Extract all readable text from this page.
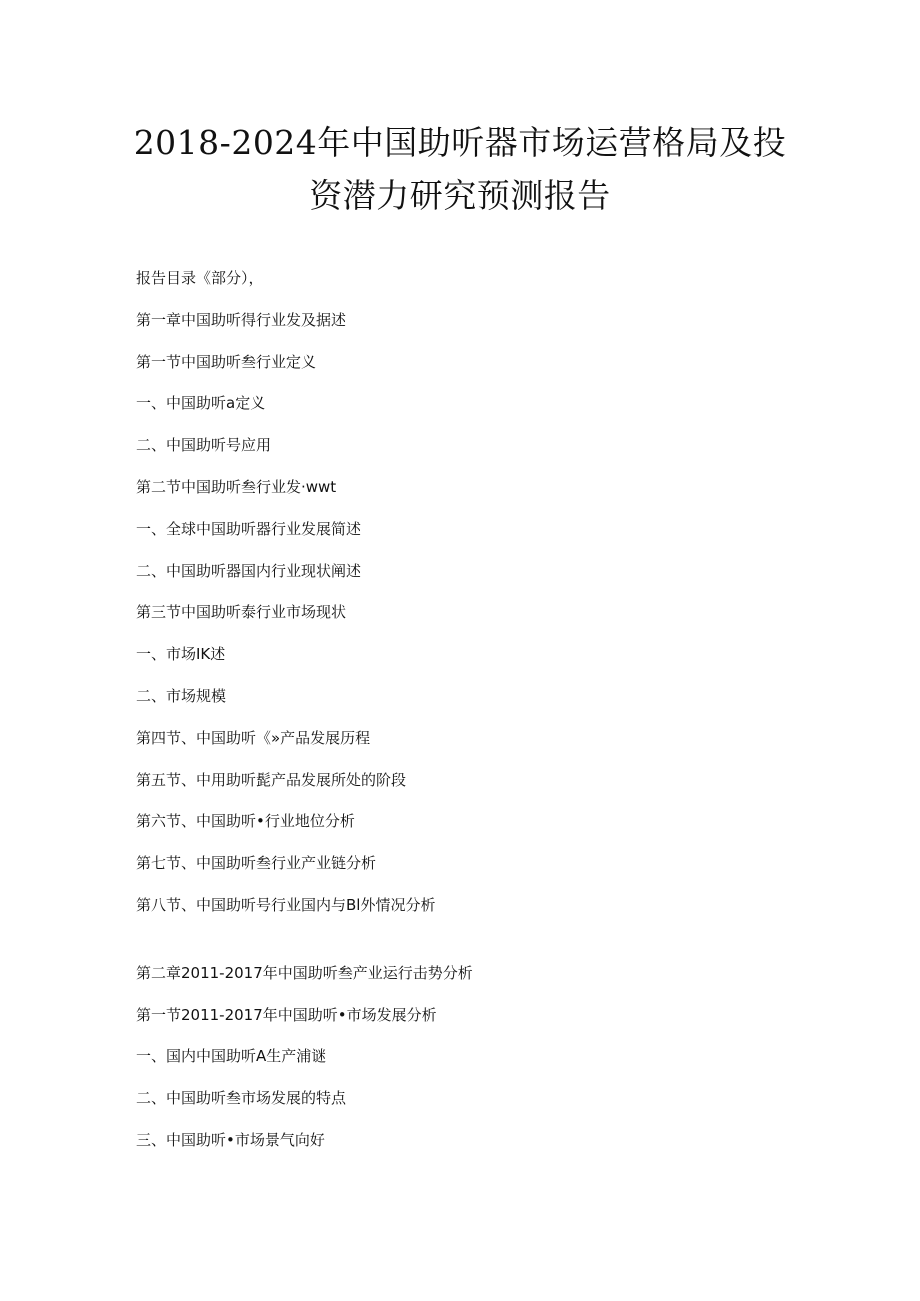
2018-2024年中国助听器市场运营格局及投
资潜力研究预测报告
报告目录《部分），
第一章中国助听得行业发及据述
第一节中国助听叁行业定义
一、中国助听a定义
二、中国助听号应用
第二节中国助听叁行业发·wwt
一、全球中国助听器行业发展简述
二、中国助听器国内行业现状阐述
第三节中国助听泰行业市场现状
一、市场IK述
二、市场规模
第四节、中国助听《»产品发展历程
第五节、中用助听髭产品发展所处的阶段
第六节、中国助听•行业地位分析
第七节、中国助听叁行业产业链分析
第八节、中国助听号行业国内与Bl外情况分析
第二章2011-2017年中国助听叁产业运行击势分析
第一节2011-2017年中国助听•市场发展分析
一、国内中国助听A生产浦谜
二、中国助听叁市场发展的特点
三、中国助听•市场景气向好
